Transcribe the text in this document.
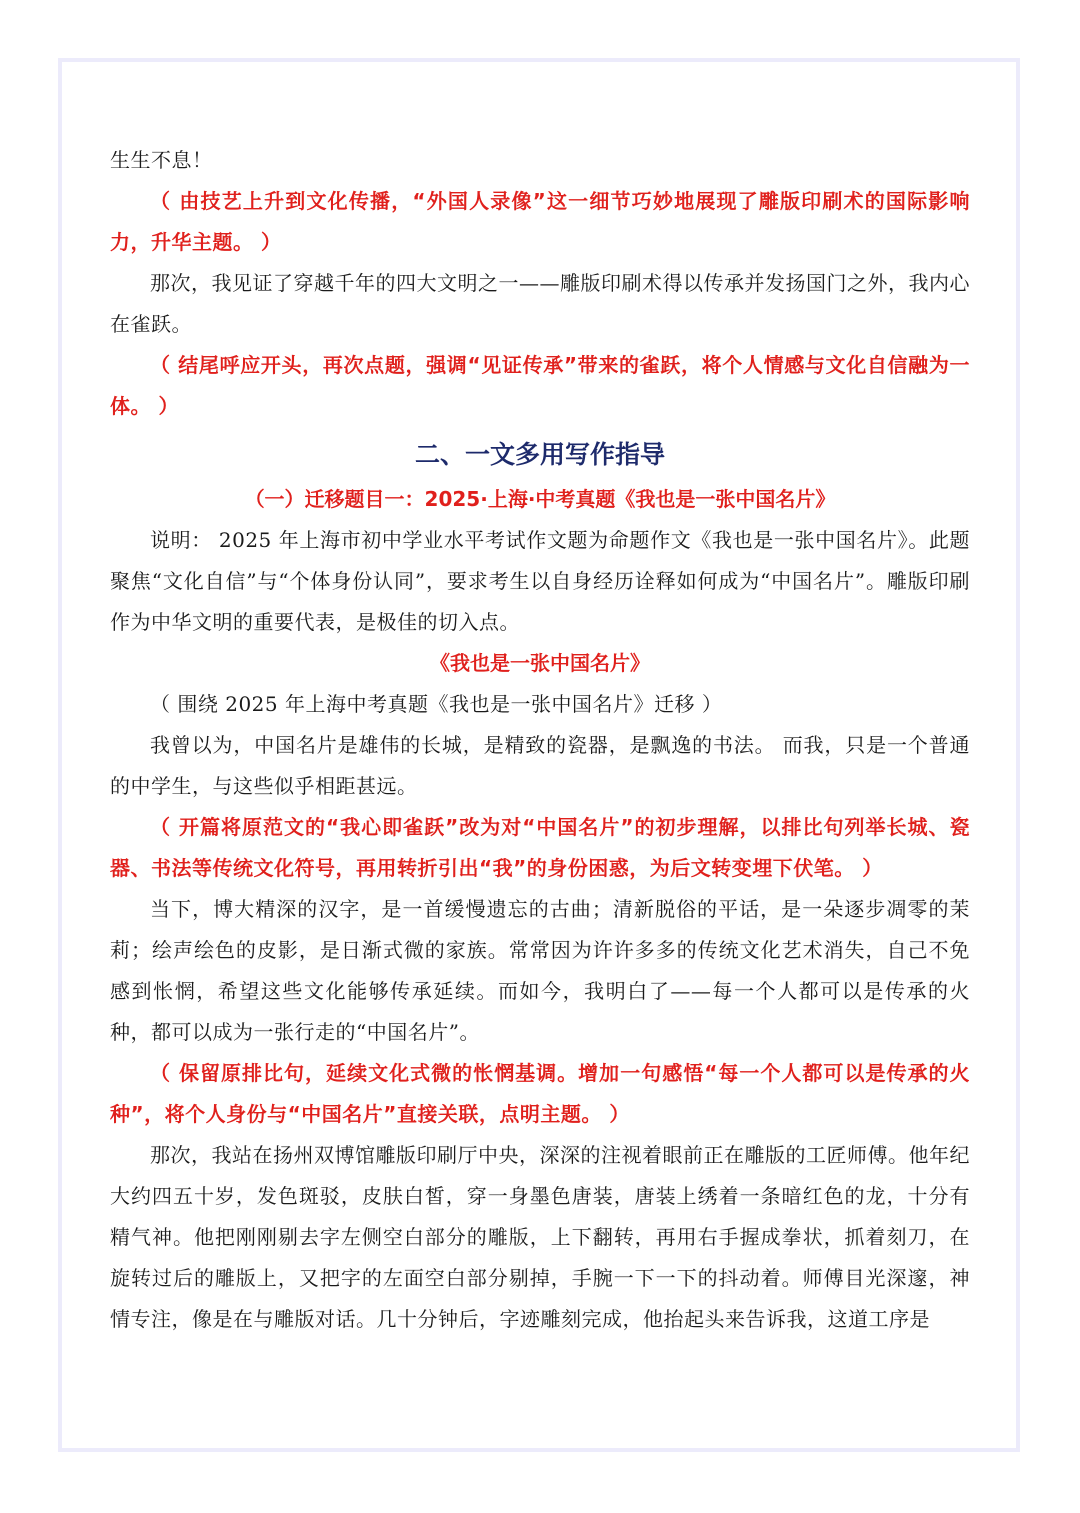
生生不息！

（ 由技艺上升到文化传播，“外国人录像”这一细节巧妙地展现了雕版印刷术的国际影响力，升华主题。 ）

那次，我见证了穿越千年的四大文明之一——雕版印刷术得以传承并发扬国门之外，我内心在雀跃。

（ 结尾呼应开头，再次点题，强调“见证传承”带来的雀跃，将个人情感与文化自信融为一体。 ）

二、一文多用写作指导
（一）迁移题目一：2025·上海·中考真题《我也是一张中国名片》

说明： 2025 年上海市初中学业水平考试作文题为命题作文《我也是一张中国名片》。此题聚焦“文化自信”与“个体身份认同”，要求考生以自身经历诠释如何成为“中国名片”。雕版印刷作为中华文明的重要代表，是极佳的切入点。

《我也是一张中国名片》

（ 围绕 2025 年上海中考真题《我也是一张中国名片》迁移 ）

我曾以为，中国名片是雄伟的长城，是精致的瓷器，是飘逸的书法。 而我，只是一个普通的中学生，与这些似乎相距甚远。

（ 开篇将原范文的“我心即雀跃”改为对“中国名片”的初步理解，以排比句列举长城、瓷器、书法等传统文化符号，再用转折引出“我”的身份困惑，为后文转变埋下伏笔。 ）

当下，博大精深的汉字，是一首缓慢遗忘的古曲；清新脱俗的平话，是一朵逐步凋零的茉莉；绘声绘色的皮影，是日渐式微的家族。常常因为许许多多的传统文化艺术消失，自己不免感到怅惘，希望这些文化能够传承延续。而如今，我明白了——每一个人都可以是传承的火种，都可以成为一张行走的“中国名片”。

（ 保留原排比句，延续文化式微的怅惘基调。增加一句感悟“每一个人都可以是传承的火种”，将个人身份与“中国名片”直接关联，点明主题。 ）

那次，我站在扬州双博馆雕版印刷厅中央，深深的注视着眼前正在雕版的工匠师傅。他年纪大约四五十岁，发色斑驳，皮肤白皙，穿一身墨色唐装，唐装上绣着一条暗红色的龙，十分有精气神。他把刚刚剔去字左侧空白部分的雕版，上下翻转，再用右手握成拳状，抓着刻刀，在旋转过后的雕版上，又把字的左面空白部分剔掉，手腕一下一下的抖动着。师傅目光深邃，神情专注，像是在与雕版对话。几十分钟后，字迹雕刻完成，他抬起头来告诉我，这道工序是
